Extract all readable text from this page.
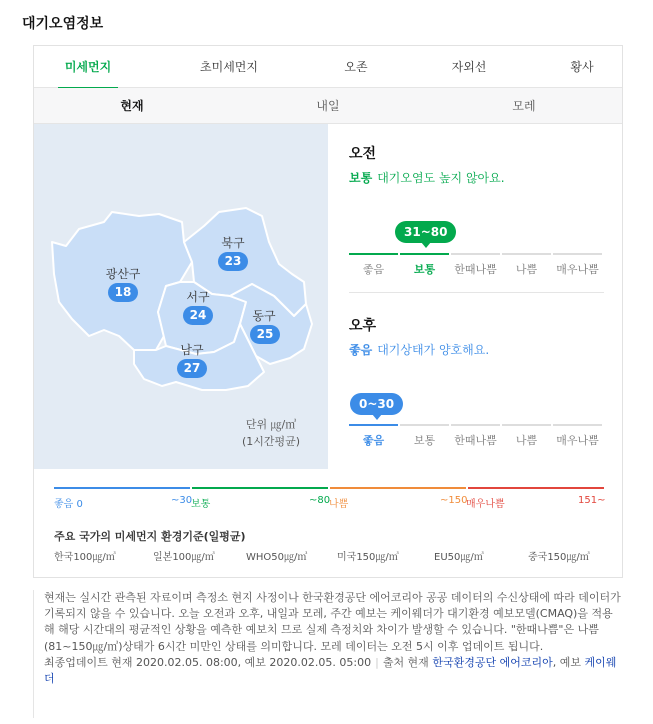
대기오염정보
미세먼지	초미세먼지	오존	자외선	황사
현재	내일	모레
광산구
18
북구
23
서구
24	동구
25
남구
27
단위 ㎍/㎥
(1시간평균)
오전
보통 대기오염도 높지 않아요.
31~80
좋음	보통	한때나쁨	나쁨	매우나쁨
오후
좋음 대기상태가 양호해요.
0~30
좋음	보통	한때나쁨	나쁨	매우나쁨
좋음 0	~30
보통	~80
나쁨	~150
매우나쁨	151~
주요 국가의 미세먼지 환경기준(일평균)
한국100㎍/㎥	일본100㎍/㎥	WHO50㎍/㎥	미국150㎍/㎥	EU50㎍/㎥	중국150㎍/㎥

현재는 실시간 관측된 자료이며 측정소 현지 사정이나 한국환경공단 에어코리아 공공 데이터의 수신상태에 따라 데이터가 기록되지 않을 수 있습니다. 오늘 오전과 오후, 내일과 모레, 주간 예보는 케이웨더가 대기환경 예보모델(CMAQ)을 적용해 해당 시간대의 평균적인 상황을 예측한 예보치 므로 실제 측정치와 차이가 발생할 수 있습니다. "한때나쁨"은 나쁨(81~150㎍/㎥)상태가 6시간 미만인 상태를 의미합니다. 모레 데이터는 오전 5시 이후 업데이트 됩니다.

최종업데이트 현재 2020.02.05. 08:00, 예보 2020.02.05. 05:00 | 출처 현재 한국환경공단 에어코리아, 예보 케이웨더
